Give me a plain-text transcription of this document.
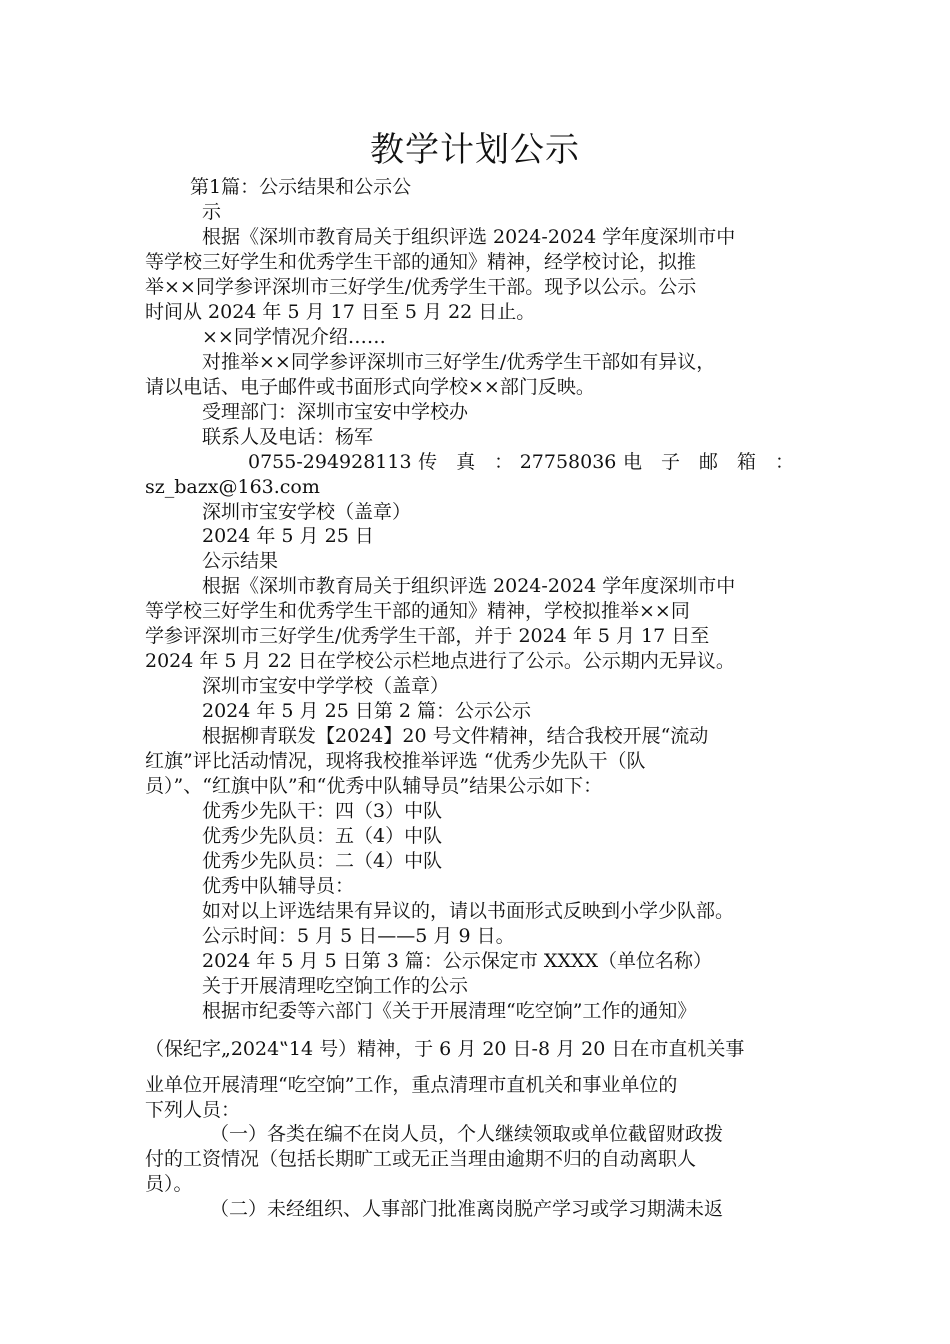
教学计划公示
第1篇：公示结果和公示公
示
根据《深圳市教育局关于组织评选 2024-2024 学年度深圳市中
等学校三好学生和优秀学生干部的通知》精神，经学校讨论，拟推
举××同学参评深圳市三好学生/优秀学生干部。现予以公示。公示
时间从 2024 年 5 月 17 日至 5 月 22 日止。
××同学情况介绍……
对推举××同学参评深圳市三好学生/优秀学生干部如有异议，
请以电话、电子邮件或书面形式向学校××部门反映。
受理部门：深圳市宝安中学校办
联系人及电话：杨军
0755-294928113 传　真　： 27758036 电　子　邮　箱　：
sz_bazx@163.com
深圳市宝安学校（盖章）
2024 年 5 月 25 日
公示结果
根据《深圳市教育局关于组织评选 2024-2024 学年度深圳市中
等学校三好学生和优秀学生干部的通知》精神，学校拟推举××同
学参评深圳市三好学生/优秀学生干部，并于 2024 年 5 月 17 日至
2024 年 5 月 22 日在学校公示栏地点进行了公示。公示期内无异议。
深圳市宝安中学学校（盖章）
2024 年 5 月 25 日第 2 篇：公示公示
根据柳青联发【2024】20 号文件精神，结合我校开展“流动
红旗”评比活动情况，现将我校推举评选 “优秀少先队干（队
员）”、“红旗中队”和“优秀中队辅导员”结果公示如下：
优秀少先队干：四（3）中队
优秀少先队员：五（4）中队
优秀少先队员：二（4）中队
优秀中队辅导员：
如对以上评选结果有异议的，请以书面形式反映到小学少队部。
公示时间：5 月 5 日——5 月 9 日。
2024 年 5 月 5 日第 3 篇：公示保定市 XXXX（单位名称）
关于开展清理吃空饷工作的公示
根据市纪委等六部门《关于开展清理“吃空饷”工作的通知》
（保纪字„2024‟14 号）精神，于 6 月 20 日-8 月 20 日在市直机关事
业单位开展清理“吃空饷”工作，重点清理市直机关和事业单位的
下列人员：
（一）各类在编不在岗人员，个人继续领取或单位截留财政拨
付的工资情况（包括长期旷工或无正当理由逾期不归的自动离职人
员）。
（二）未经组织、人事部门批准离岗脱产学习或学习期满未返
